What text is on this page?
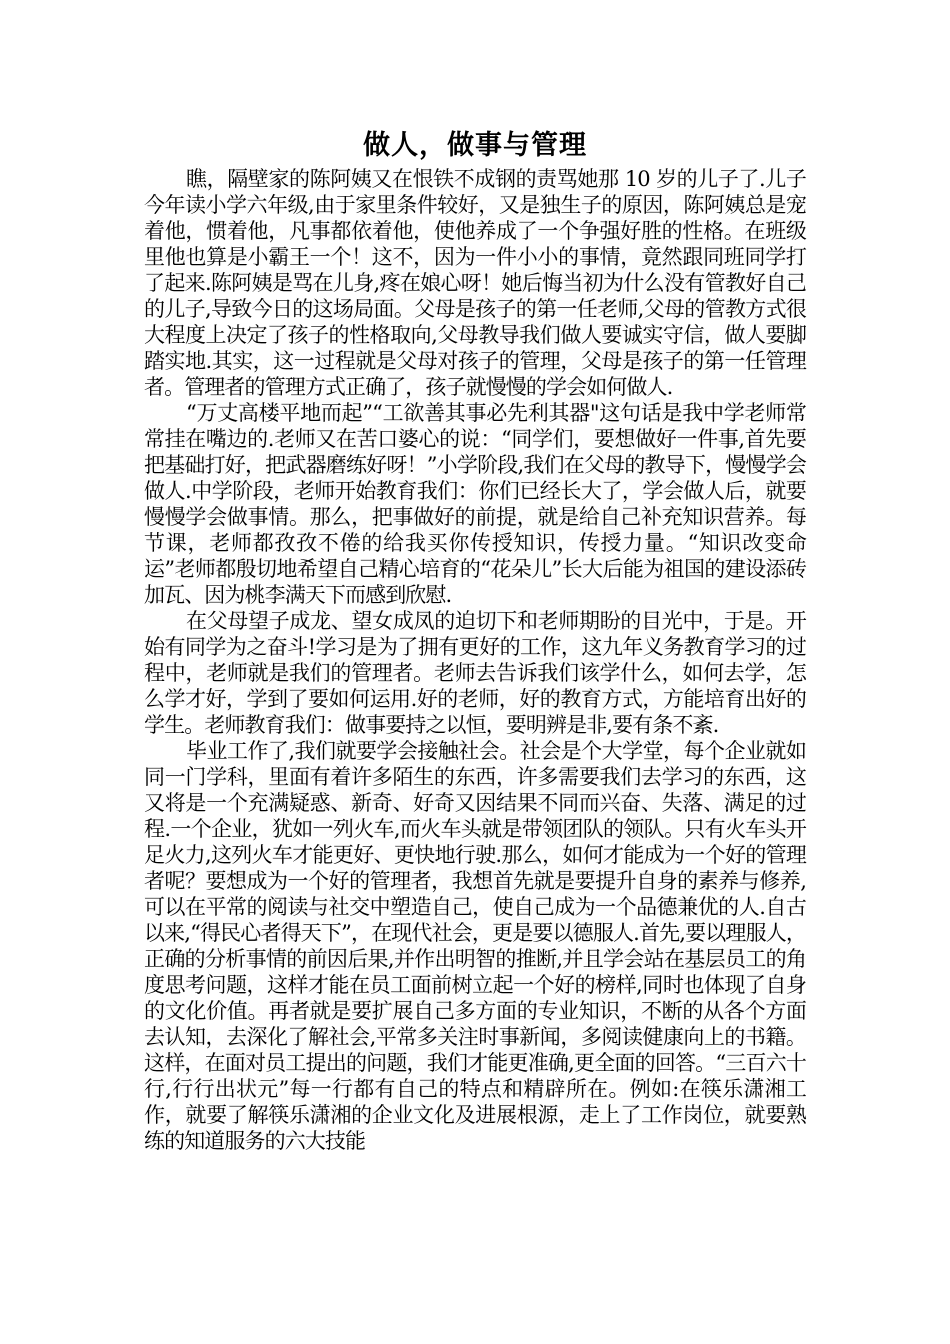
做人，做事与管理

瞧，隔壁家的陈阿姨又在恨铁不成钢的责骂她那 10 岁的儿子了.儿子今年读小学六年级,由于家里条件较好，又是独生子的原因，陈阿姨总是宠着他，惯着他，凡事都依着他，使他养成了一个争强好胜的性格。在班级里他也算是小霸王一个！这不，因为一件小小的事情，竟然跟同班同学打了起来.陈阿姨是骂在儿身,疼在娘心呀！她后悔当初为什么没有管教好自己的儿子,导致今日的这场局面。父母是孩子的第一任老师,父母的管教方式很大程度上决定了孩子的性格取向,父母教导我们做人要诚实守信，做人要脚踏实地.其实，这一过程就是父母对孩子的管理，父母是孩子的第一任管理者。管理者的管理方式正确了，孩子就慢慢的学会如何做人.

“万丈高楼平地而起”“工欲善其事必先利其器"这句话是我中学老师常常挂在嘴边的.老师又在苦口婆心的说：“同学们，要想做好一件事,首先要把基础打好，把武器磨练好呀！”小学阶段,我们在父母的教导下，慢慢学会做人.中学阶段，老师开始教育我们：你们已经长大了，学会做人后，就要慢慢学会做事情。那么，把事做好的前提，就是给自己补充知识营养。每节课，老师都孜孜不倦的给我买你传授知识，传授力量。“知识改变命运”老师都殷切地希望自己精心培育的“花朵儿”长大后能为祖国的建设添砖加瓦、因为桃李满天下而感到欣慰.

在父母望子成龙、望女成凤的迫切下和老师期盼的目光中，于是。开始有同学为之奋斗!学习是为了拥有更好的工作，这九年义务教育学习的过程中，老师就是我们的管理者。老师去告诉我们该学什么，如何去学，怎么学才好，学到了要如何运用.好的老师，好的教育方式，方能培育出好的学生。老师教育我们：做事要持之以恒，要明辨是非,要有条不紊.

毕业工作了,我们就要学会接触社会。社会是个大学堂，每个企业就如同一门学科，里面有着许多陌生的东西，许多需要我们去学习的东西，这又将是一个充满疑惑、新奇、好奇又因结果不同而兴奋、失落、满足的过程.一个企业，犹如一列火车,而火车头就是带领团队的领队。只有火车头开足火力,这列火车才能更好、更快地行驶.那么，如何才能成为一个好的管理者呢？要想成为一个好的管理者，我想首先就是要提升自身的素养与修养,可以在平常的阅读与社交中塑造自己，使自己成为一个品德兼优的人.自古以来,“得民心者得天下”，在现代社会，更是要以德服人.首先,要以理服人，正确的分析事情的前因后果,并作出明智的推断,并且学会站在基层员工的角度思考问题，这样才能在员工面前树立起一个好的榜样,同时也体现了自身的文化价值。再者就是要扩展自己多方面的专业知识，不断的从各个方面去认知，去深化了解社会,平常多关注时事新闻，多阅读健康向上的书籍。这样，在面对员工提出的问题，我们才能更准确,更全面的回答。“三百六十行,行行出状元”每一行都有自己的特点和精辟所在。例如:在筷乐潇湘工作，就要了解筷乐潇湘的企业文化及进展根源，走上了工作岗位，就要熟练的知道服务的六大技能
